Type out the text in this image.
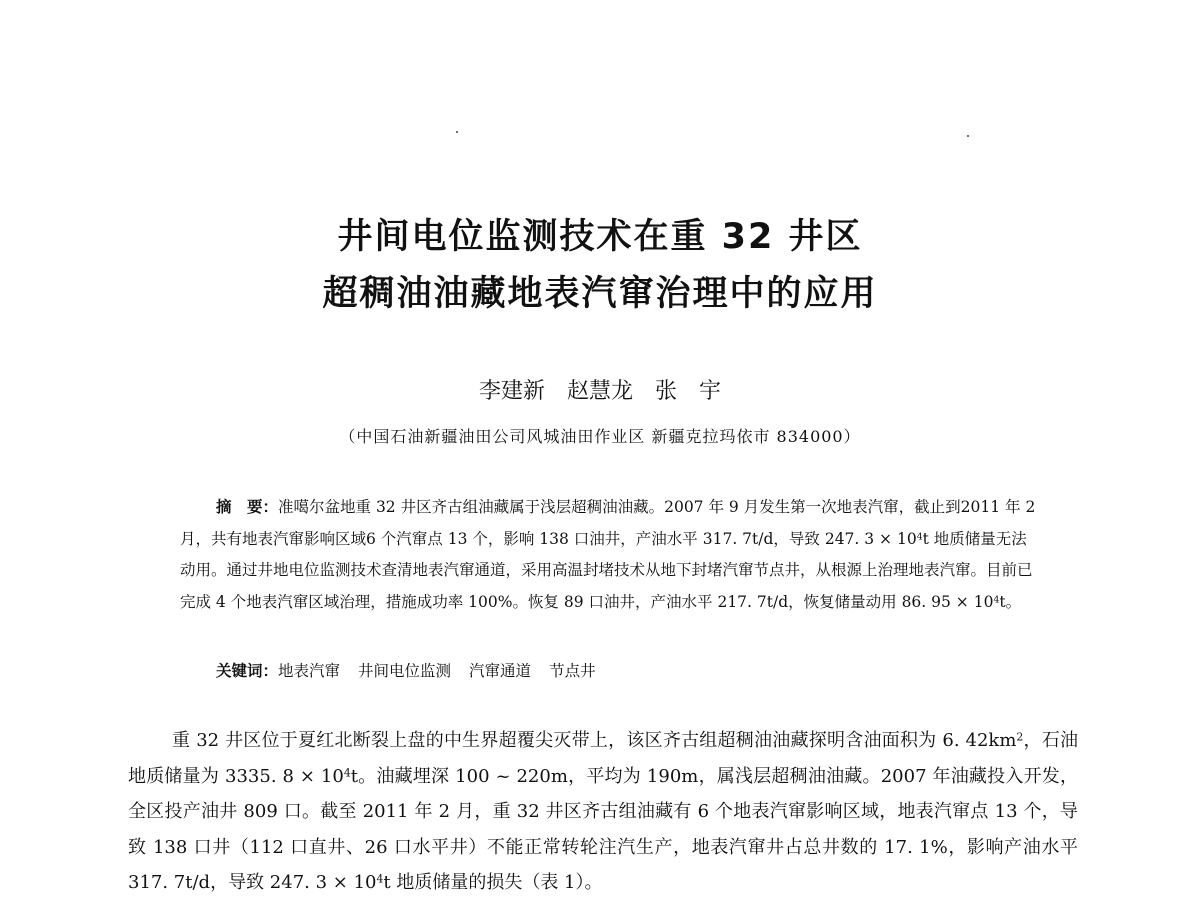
井间电位监测技术在重 32 井区
超稠油油藏地表汽窜治理中的应用
李建新 赵慧龙 张　宇
（中国石油新疆油田公司风城油田作业区 新疆克拉玛依市 834000）

摘　要：准噶尔盆地重 32 井区齐古组油藏属于浅层超稠油油藏。2007 年 9 月发生第一次地表汽窜，截止到2011 年 2 月，共有地表汽窜影响区域6 个汽窜点 13 个，影响 138 口油井，产油水平 317. 7t/d，导致 247. $3 \times 10^4t$ 地质储量无法动用。通过井地电位监测技术查清地表汽窜通道，采用高温封堵技术从地下封堵汽窜节点井，从根源上治理地表汽窜。目前已完成 4 个地表汽窜区域治理，措施成功率 100%。恢复 89 口油井，产油水平 217. 7t/d，恢复储量动用 86. $95 \times 10^4t$。

关键词：地表汽窜 井间电位监测 汽窜通道 节点井

重 32 井区位于夏红北断裂上盘的中生界超覆尖灭带上，该区齐古组超稠油油藏探明含油面积为 6. $42km^2$，石油地质储量为 3335. $8 \times 10^4t$。油藏埋深 100 ~ 220m，平均为 190m，属浅层超稠油油藏。2007 年油藏投入开发，全区投产油井 809 口。截至 2011 年 2 月，重 32 井区齐古组油藏有 6 个地表汽窜影响区域，地表汽窜点 13 个，导致 138 口井（112 口直井、26 口水平井）不能正常转轮注汽生产，地表汽窜井占总井数的 17. 1%，影响产油水平 317. 7t/d，导致 247. $3 \times 10^4t$ 地质储量的损失（表 1）。
